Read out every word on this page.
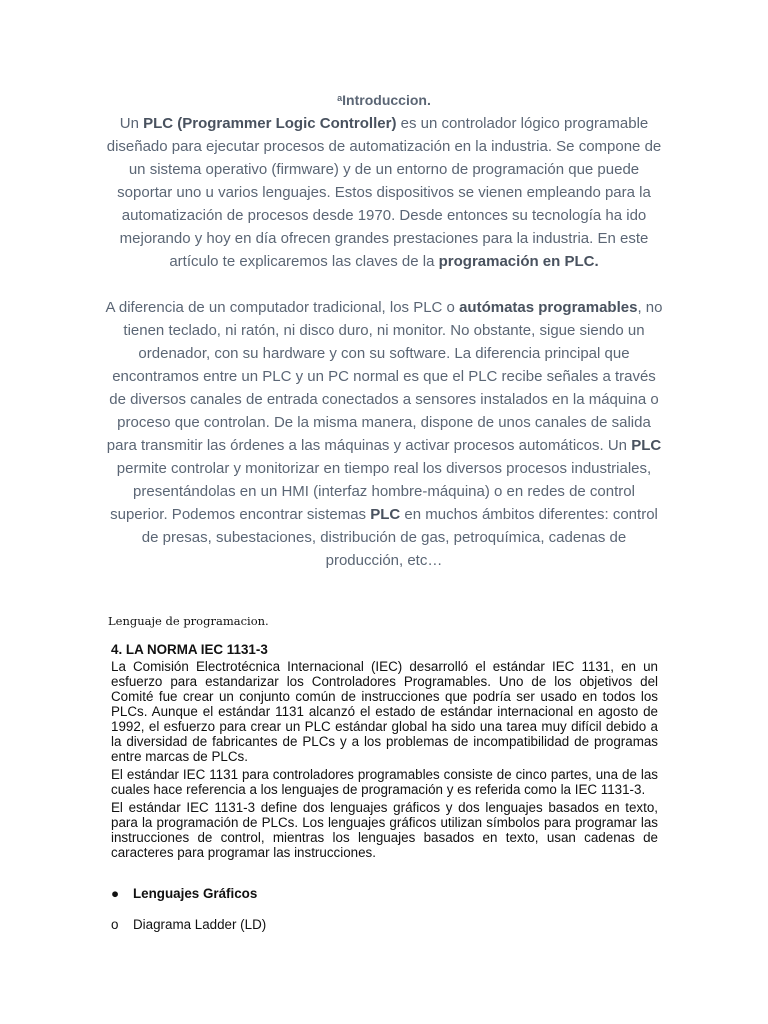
$^a$Introduccion.

Un PLC (Programmer Logic Controller) es un controlador lógico programable diseñado para ejecutar procesos de automatización en la industria. Se compone de un sistema operativo (firmware) y de un entorno de programación que puede soportar uno u varios lenguajes. Estos dispositivos se vienen empleando para la automatización de procesos desde 1970. Desde entonces su tecnología ha ido mejorando y hoy en día ofrecen grandes prestaciones para la industria. En este artículo te explicaremos las claves de la programación en PLC.

A diferencia de un computador tradicional, los PLC o autómatas programables, no tienen teclado, ni ratón, ni disco duro, ni monitor. No obstante, sigue siendo un ordenador, con su hardware y con su software. La diferencia principal que encontramos entre un PLC y un PC normal es que el PLC recibe señales a través de diversos canales de entrada conectados a sensores instalados en la máquina o proceso que controlan. De la misma manera, dispone de unos canales de salida para transmitir las órdenes a las máquinas y activar procesos automáticos. Un PLC permite controlar y monitorizar en tiempo real los diversos procesos industriales, presentándolas en un HMI (interfaz hombre-máquina) o en redes de control superior. Podemos encontrar sistemas PLC en muchos ámbitos diferentes: control de presas, subestaciones, distribución de gas, petroquímica, cadenas de producción, etc…

Lenguaje de programacion.
4. LA NORMA IEC 1131-3

La Comisión Electrotécnica Internacional (IEC) desarrolló el estándar IEC 1131, en un esfuerzo para estandarizar los Controladores Programables. Uno de los objetivos del Comité fue crear un conjunto común de instrucciones que podría ser usado en todos los PLCs. Aunque el estándar 1131 alcanzó el estado de estándar internacional en agosto de 1992, el esfuerzo para crear un PLC estándar global ha sido una tarea muy difícil debido a la diversidad de fabricantes de PLCs y a los problemas de incompatibilidad de programas entre marcas de PLCs.

El estándar IEC 1131 para controladores programables consiste de cinco partes, una de las cuales hace referencia a los lenguajes de programación y es referida como la IEC 1131-3.

El estándar IEC 1131-3 define dos lenguajes gráficos y dos lenguajes basados en texto, para la programación de PLCs. Los lenguajes gráficos utilizan símbolos para programar las instrucciones de control, mientras los lenguajes basados en texto, usan cadenas de caracteres para programar las instrucciones.

● Lenguajes Gráficos
o Diagrama Ladder (LD)
